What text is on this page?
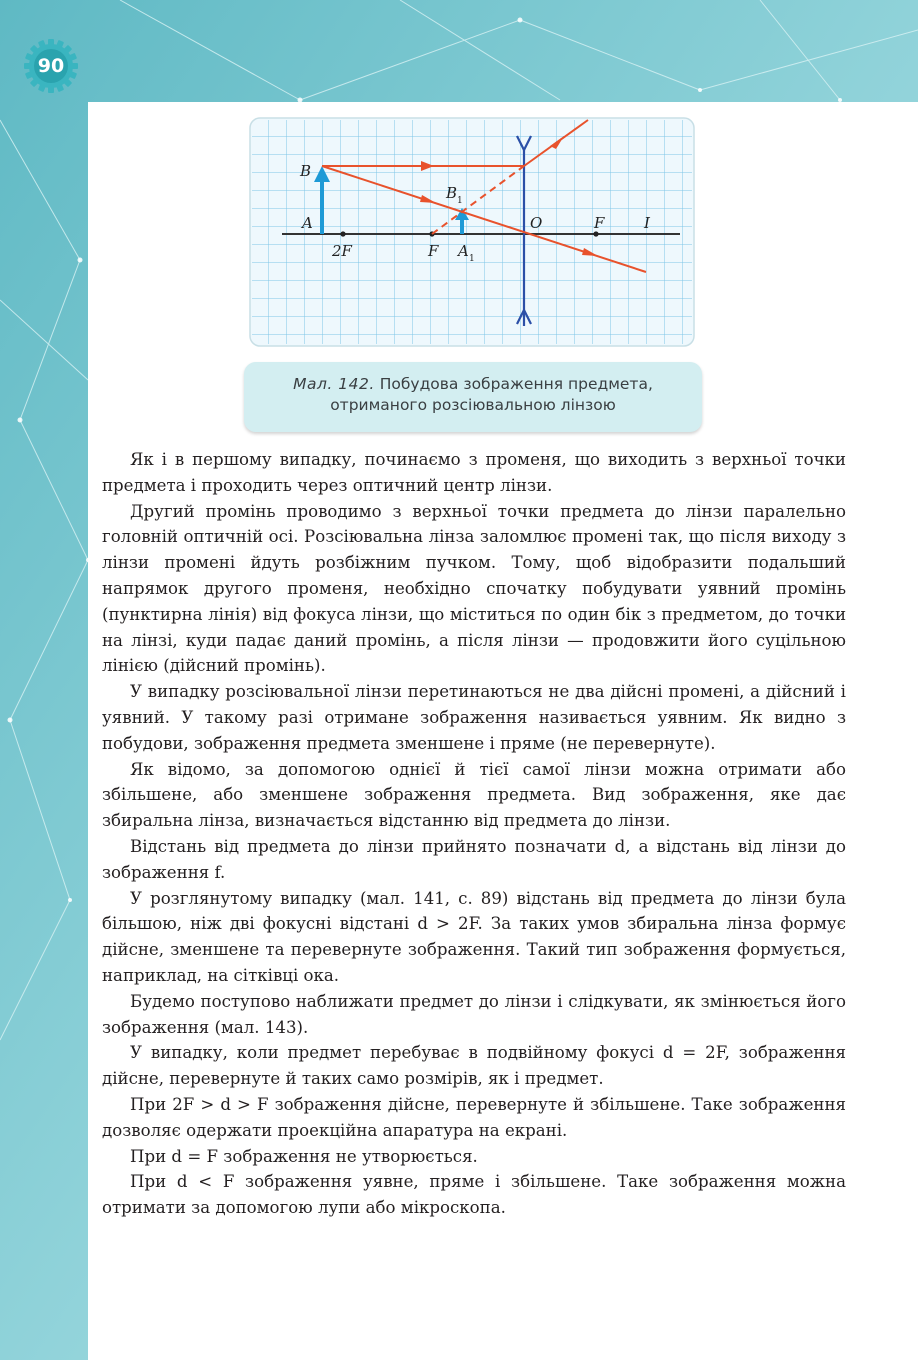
90
B
A
B 1
A 1
O	F	I
2F	F
Мал. 142. Побудова зображення предмета, отриманого розсіювальною лінзою

Як і в першому випадку, починаємо з променя, що виходить з верхньої точки предмета і проходить через оптичний центр лінзи.

Другий промінь проводимо з верхньої точки предмета до лінзи паралельно головній оптичній осі. Розсіювальна лінза заломлює промені так, що після виходу з лінзи промені йдуть розбіжним пучком. Тому, щоб відобразити подальший напрямок другого променя, необхідно спочатку побудувати уявний промінь (пунктирна лінія) від фокуса лінзи, що міститься по один бік з предметом, до точки на лінзі, куди падає даний промінь, а після лінзи — продовжити його суцільною лінією (дійсний промінь).

У випадку розсіювальної лінзи перетинаються не два дійсні промені, а дійсний і уявний. У такому разі отримане зображення називається уявним. Як видно з побудови, зображення предмета зменшене і пряме (не перевернуте).

Як відомо, за допомогою однієї й тієї самої лінзи можна отримати або збільшене, або зменшене зображення предмета. Вид зображення, яке дає збиральна лінза, визначається відстанню від предмета до лінзи.

Відстань від предмета до лінзи прийнято позначати d, а відстань від лінзи до зображення f.

У розглянутому випадку (мал. 141, с. 89) відстань від предмета до лінзи була більшою, ніж дві фокусні відстані d > 2F. За таких умов збиральна лінза формує дійсне, зменшене та перевернуте зображення. Такий тип зображення формується, наприклад, на сітківці ока.

Будемо поступово наближати предмет до лінзи і слідкувати, як змінюється його зображення (мал. 143).

У випадку, коли предмет перебуває в подвійному фокусі d = 2F, зображення дійсне, перевернуте й таких само розмірів, як і предмет.

При 2F > d > F зображення дійсне, перевернуте й збільшене. Таке зображення дозволяє одержати проекційна апаратура на екрані.

При d = F зображення не утворюється.

При d < F зображення уявне, пряме і збільшене. Таке зображення можна отримати за допомогою лупи або мікроскопа.
